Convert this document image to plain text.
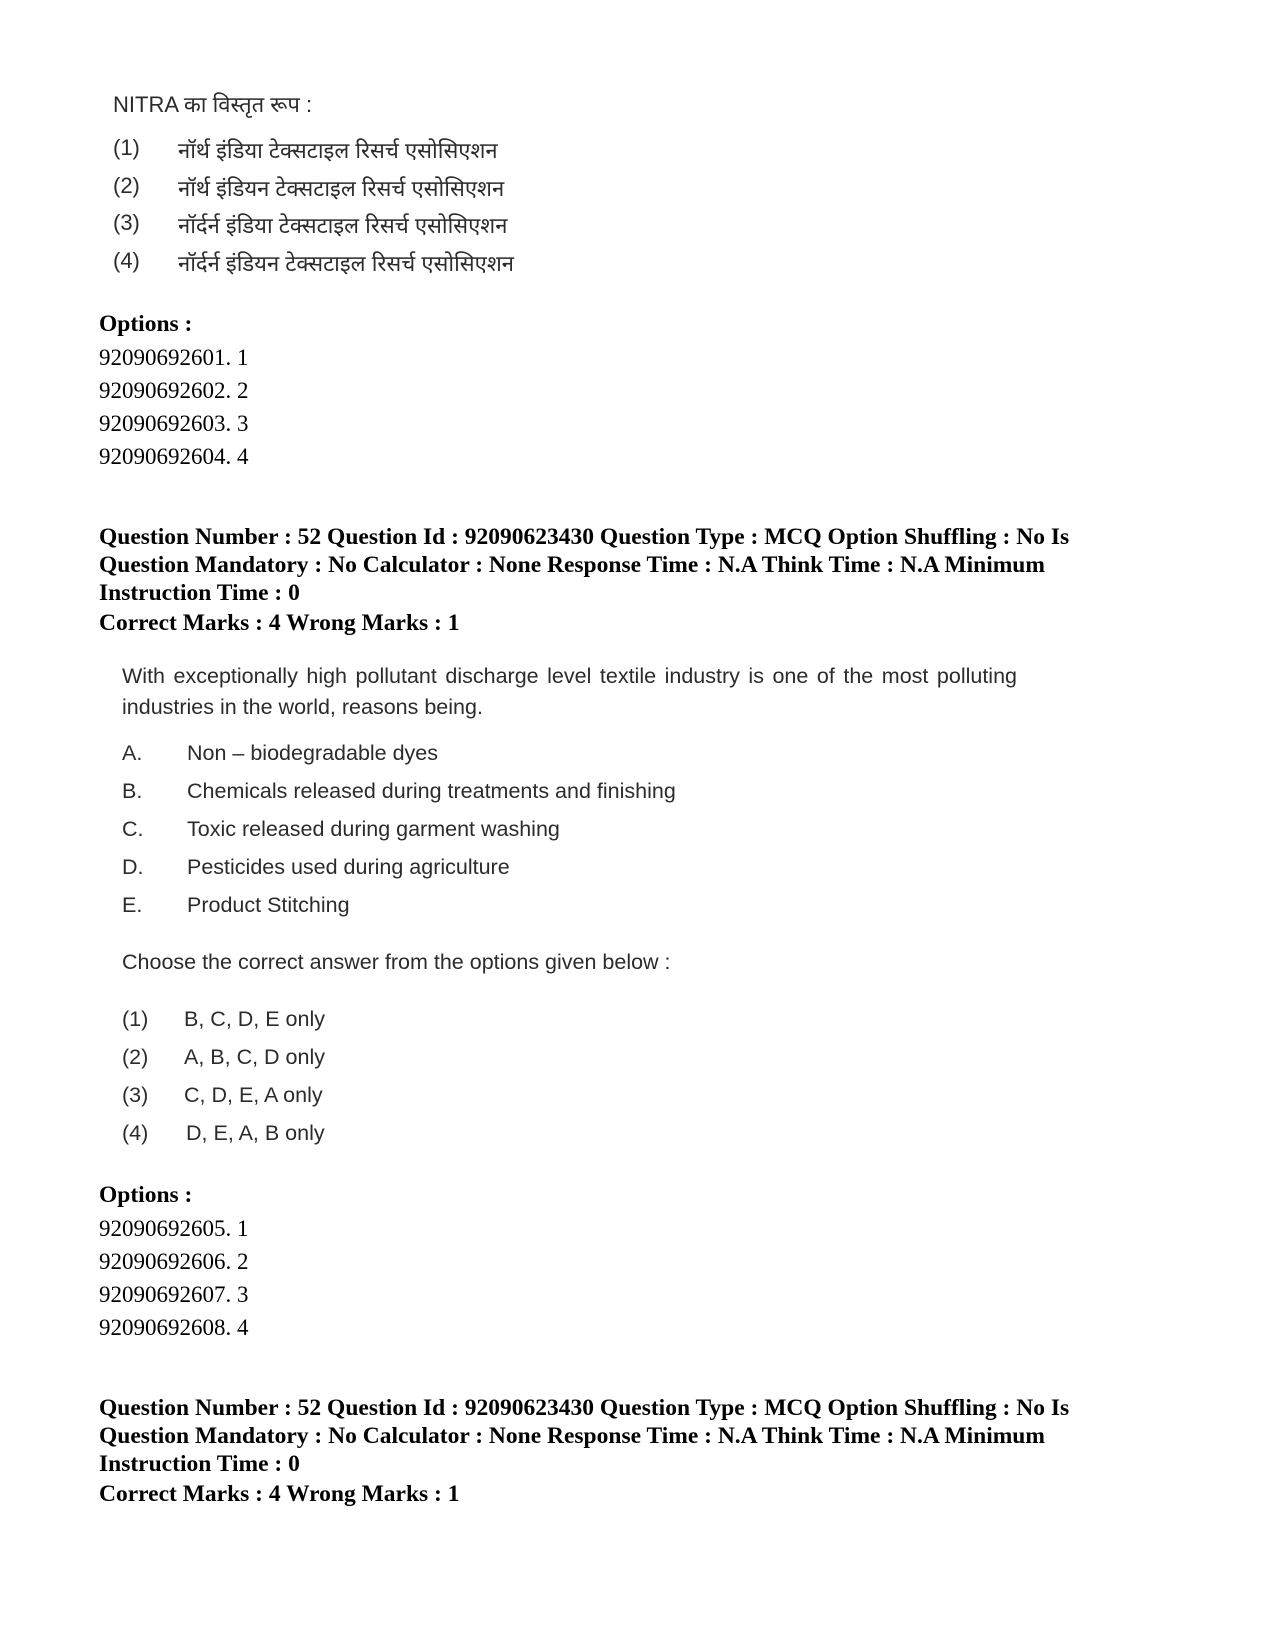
NITRA का विस्तृत रूप :
(1) नॉर्थ इंडिया टेक्सटाइल रिसर्च एसोसिएशन
(2) नॉर्थ इंडियन टेक्सटाइल रिसर्च एसोसिएशन
(3) नॉर्दर्न इंडिया टेक्सटाइल रिसर्च एसोसिएशन
(4) नॉर्दर्न इंडियन टेक्सटाइल रिसर्च एसोसिएशन
Options :
92090692601. 1
92090692602. 2
92090692603. 3
92090692604. 4
Question Number : 52 Question Id : 92090623430 Question Type : MCQ Option Shuffling : No Is
Question Mandatory : No Calculator : None Response Time : N.A Think Time : N.A Minimum
Instruction Time : 0
Correct Marks : 4 Wrong Marks : 1
With exceptionally high pollutant discharge level textile industry is one of the most polluting industries in the world, reasons being.
A. Non – biodegradable dyes
B. Chemicals released during treatments and finishing
C. Toxic released during garment washing
D. Pesticides used during agriculture
E. Product Stitching
Choose the correct answer from the options given below :
(1) B, C, D, E only
(2) A, B, C, D only
(3) C, D, E, A only
(4) D, E, A, B only
Options :
92090692605. 1
92090692606. 2
92090692607. 3
92090692608. 4
Question Number : 52 Question Id : 92090623430 Question Type : MCQ Option Shuffling : No Is
Question Mandatory : No Calculator : None Response Time : N.A Think Time : N.A Minimum
Instruction Time : 0
Correct Marks : 4 Wrong Marks : 1
